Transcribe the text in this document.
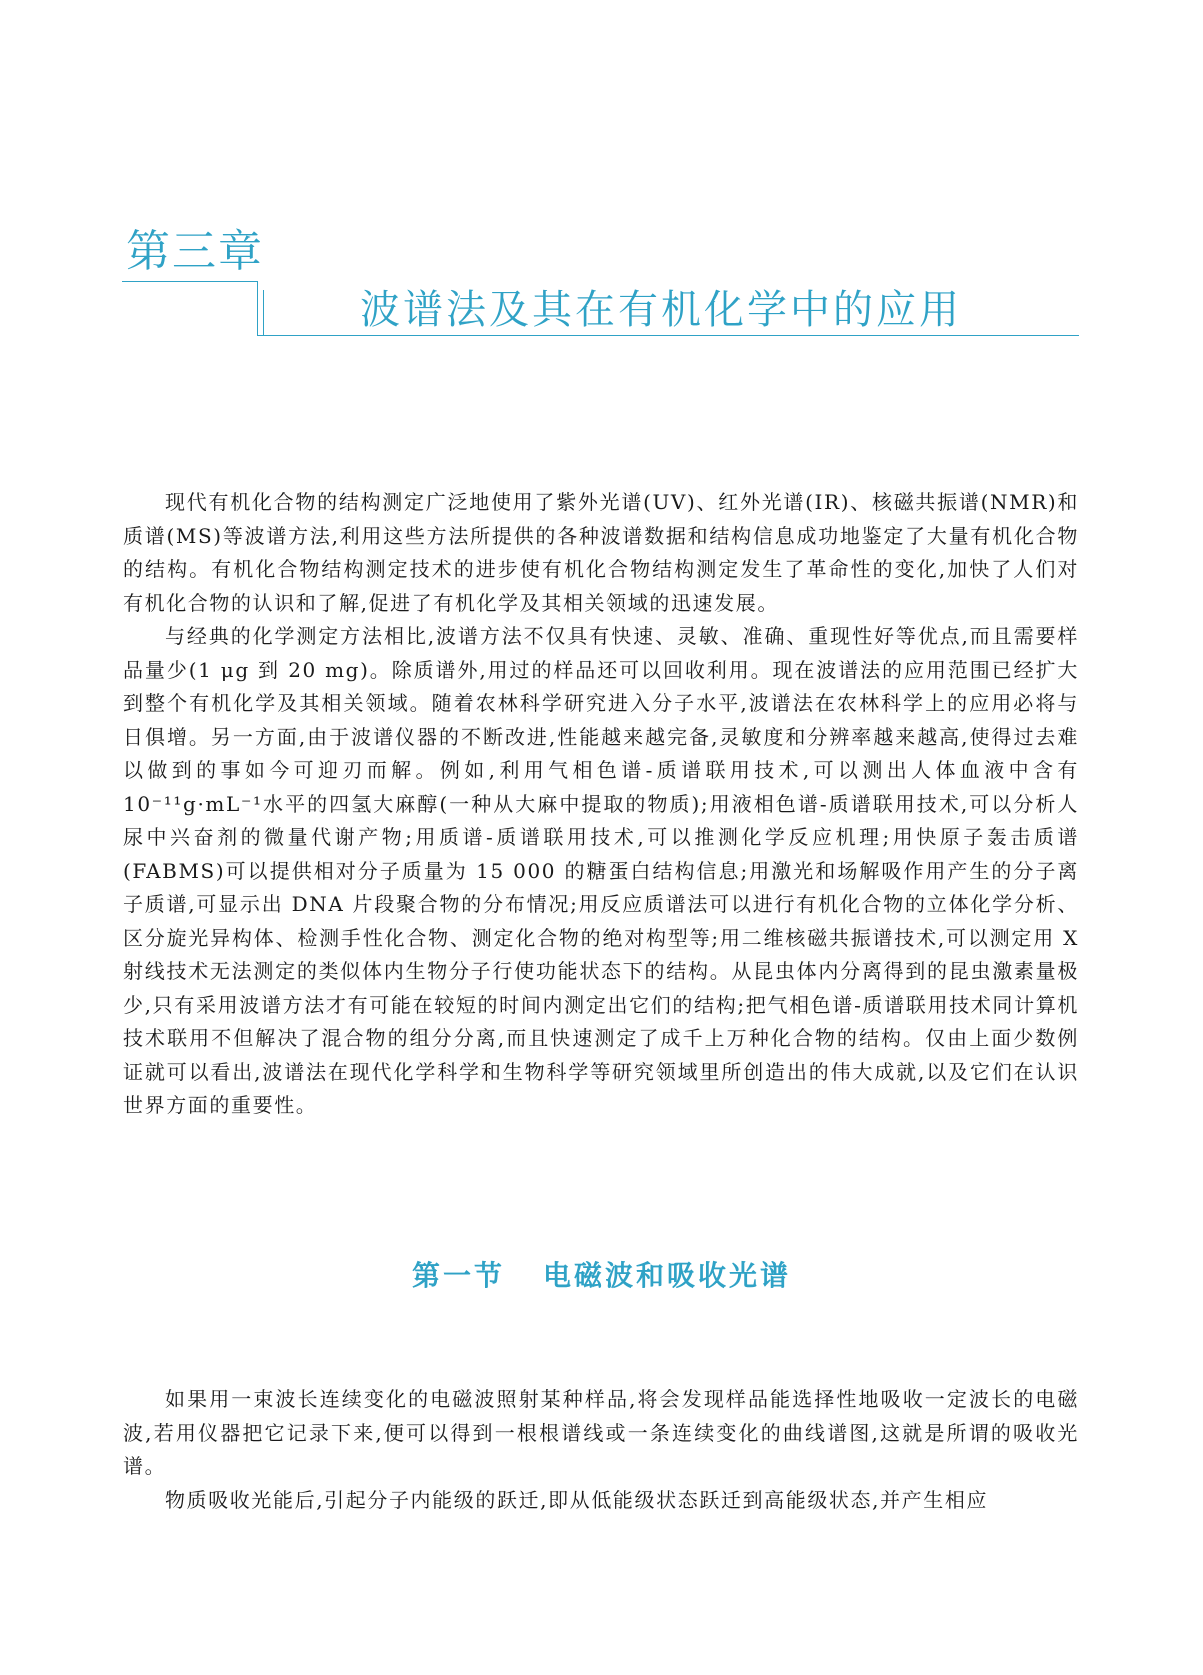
第三章
波谱法及其在有机化学中的应用

现代有机化合物的结构测定广泛地使用了紫外光谱(UV)、红外光谱(IR)、核磁共振谱(NMR)和质谱(MS)等波谱方法,利用这些方法所提供的各种波谱数据和结构信息成功地鉴定了大量有机化合物的结构。有机化合物结构测定技术的进步使有机化合物结构测定发生了革命性的变化,加快了人们对有机化合物的认识和了解,促进了有机化学及其相关领域的迅速发展。

与经典的化学测定方法相比,波谱方法不仅具有快速、灵敏、准确、重现性好等优点,而且需要样品量少(1 μg 到 20 mg)。除质谱外,用过的样品还可以回收利用。现在波谱法的应用范围已经扩大到整个有机化学及其相关领域。随着农林科学研究进入分子水平,波谱法在农林科学上的应用必将与日俱增。另一方面,由于波谱仪器的不断改进,性能越来越完备,灵敏度和分辨率越来越高,使得过去难以做到的事如今可迎刃而解。例如,利用气相色谱-质谱联用技术,可以测出人体血液中含有 10⁻¹¹g·mL⁻¹水平的四氢大麻醇(一种从大麻中提取的物质);用液相色谱-质谱联用技术,可以分析人尿中兴奋剂的微量代谢产物;用质谱-质谱联用技术,可以推测化学反应机理;用快原子轰击质谱(FABMS)可以提供相对分子质量为 15 000 的糖蛋白结构信息;用激光和场解吸作用产生的分子离子质谱,可显示出 DNA 片段聚合物的分布情况;用反应质谱法可以进行有机化合物的立体化学分析、区分旋光异构体、检测手性化合物、测定化合物的绝对构型等;用二维核磁共振谱技术,可以测定用 X 射线技术无法测定的类似体内生物分子行使功能状态下的结构。从昆虫体内分离得到的昆虫激素量极少,只有采用波谱方法才有可能在较短的时间内测定出它们的结构;把气相色谱-质谱联用技术同计算机技术联用不但解决了混合物的组分分离,而且快速测定了成千上万种化合物的结构。仅由上面少数例证就可以看出,波谱法在现代化学科学和生物科学等研究领域里所创造出的伟大成就,以及它们在认识世界方面的重要性。

第一节 电磁波和吸收光谱

如果用一束波长连续变化的电磁波照射某种样品,将会发现样品能选择性地吸收一定波长的电磁波,若用仪器把它记录下来,便可以得到一根根谱线或一条连续变化的曲线谱图,这就是所谓的吸收光谱。

物质吸收光能后,引起分子内能级的跃迁,即从低能级状态跃迁到高能级状态,并产生相应
